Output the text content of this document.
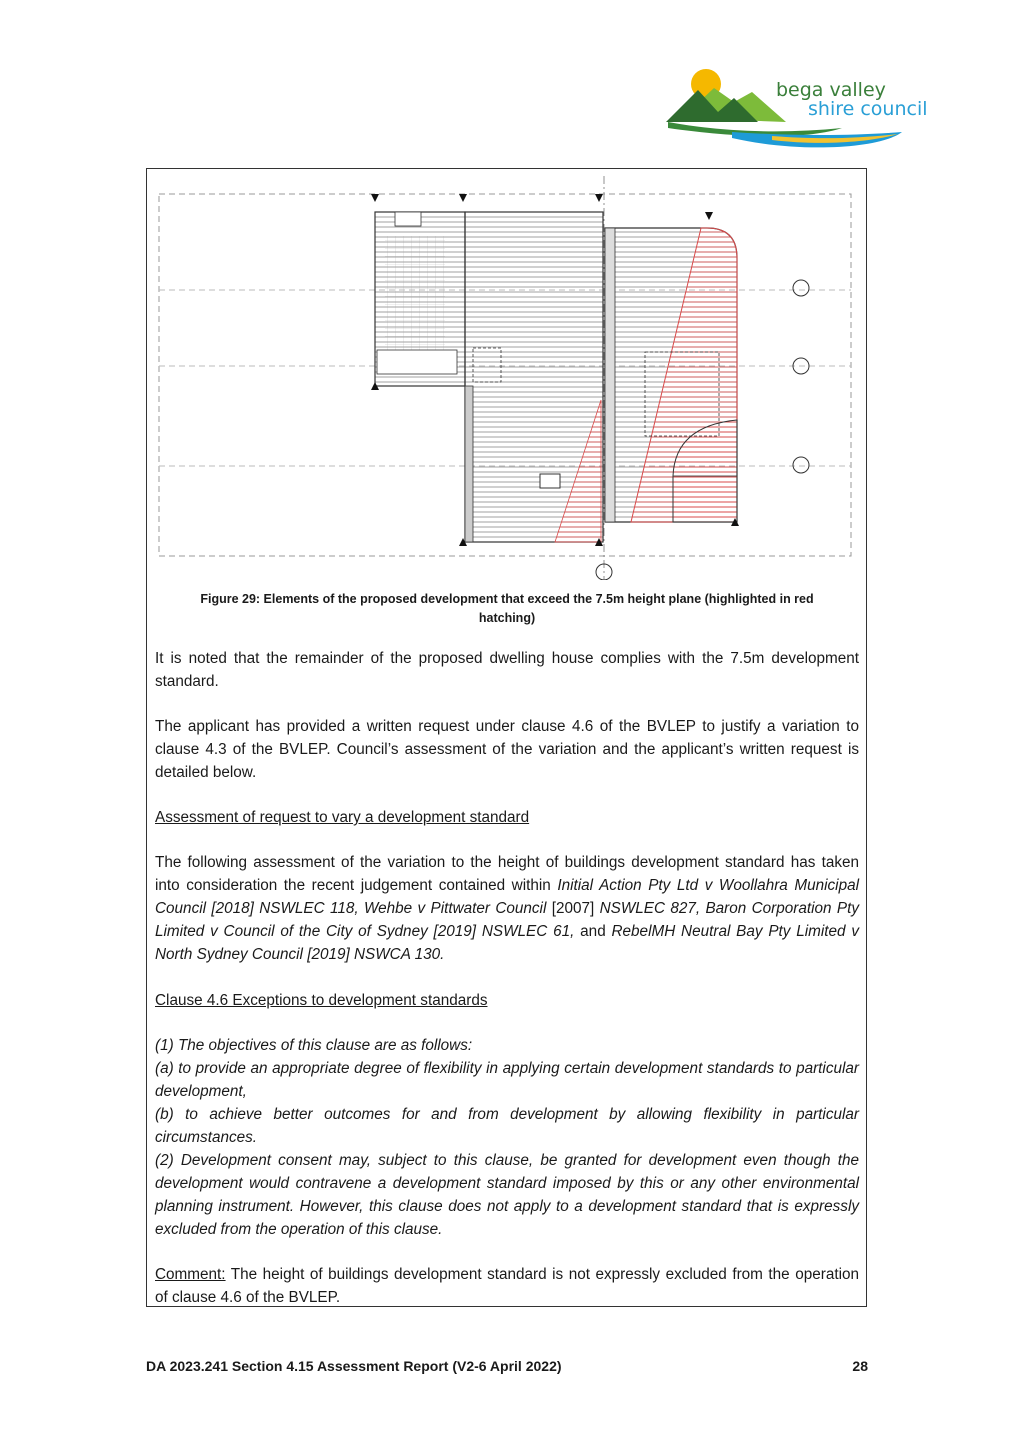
bega valley
shire council
Figure 29: Elements of the proposed development that exceed the 7.5m height plane (highlighted in red
hatching)
It is noted that the remainder of the proposed dwelling house complies with the 7.5m development standard.
The applicant has provided a written request under clause 4.6 of the BVLEP to justify a variation to clause 4.3 of the BVLEP. Council’s assessment of the variation and the applicant’s written request is detailed below.
Assessment of request to vary a development standard
The following assessment of the variation to the height of buildings development standard has taken into consideration the recent judgement contained within Initial Action Pty Ltd v Woollahra Municipal Council [2018] NSWLEC 118, Wehbe v Pittwater Council [2007] NSWLEC 827, Baron Corporation Pty Limited v Council of the City of Sydney [2019] NSWLEC 61, and RebelMH Neutral Bay Pty Limited v North Sydney Council [2019] NSWCA 130.
Clause 4.6 Exceptions to development standards
(1) The objectives of this clause are as follows:
(a) to provide an appropriate degree of flexibility in applying certain development standards to particular development,
(b) to achieve better outcomes for and from development by allowing flexibility in particular circumstances.
(2) Development consent may, subject to this clause, be granted for development even though the development would contravene a development standard imposed by this or any other environmental planning instrument. However, this clause does not apply to a development standard that is expressly excluded from the operation of this clause.
Comment: The height of buildings development standard is not expressly excluded from the operation of clause 4.6 of the BVLEP.
DA 2023.241 Section 4.15 Assessment Report (V2-6 April 2022)	28
